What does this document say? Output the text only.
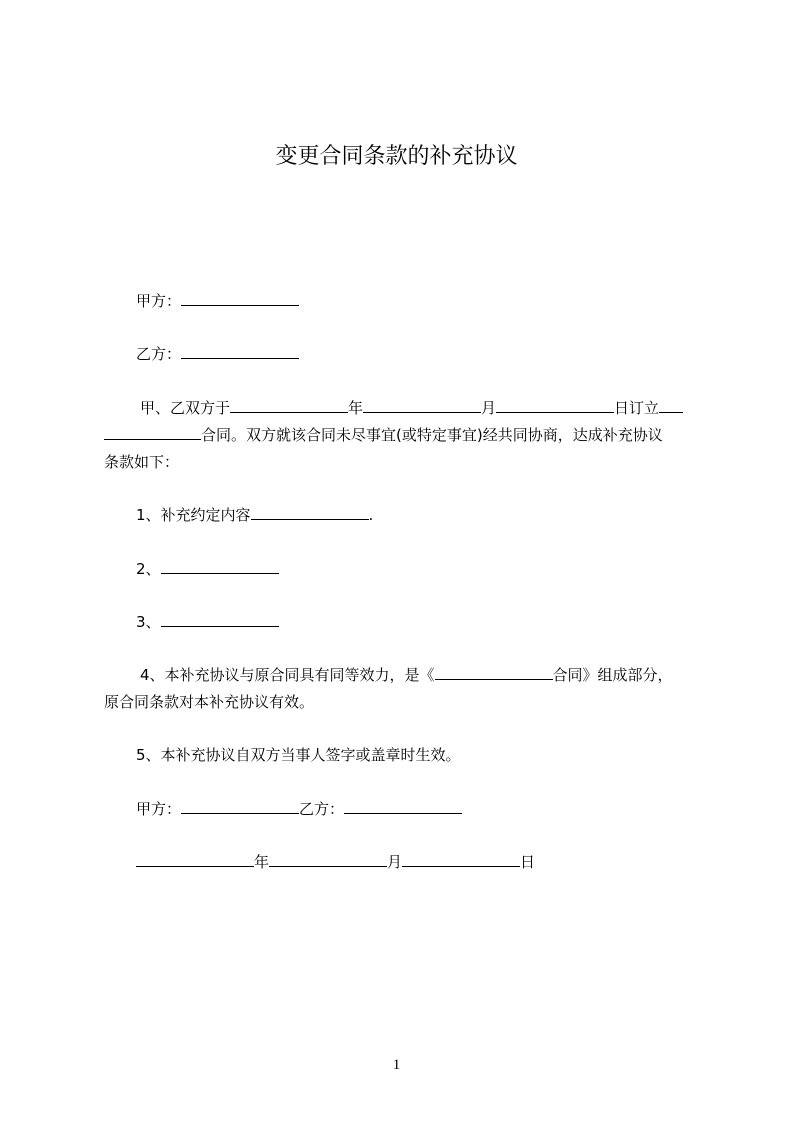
变更合同条款的补充协议
甲方：
乙方：
甲、乙双方于	年	月	日订立
合同。双方就该合同未尽事宜(或特定事宜)经共同协商，达成补充协议
条款如下：
1、补充约定内容	.
2、
3、
4、本补充协议与原合同具有同等效力，是《	合同》组成部分，
原合同条款对本补充协议有效。
5、本补充协议自双方当事人签字或盖章时生效。
甲方：	乙方：
年	月	日
1
